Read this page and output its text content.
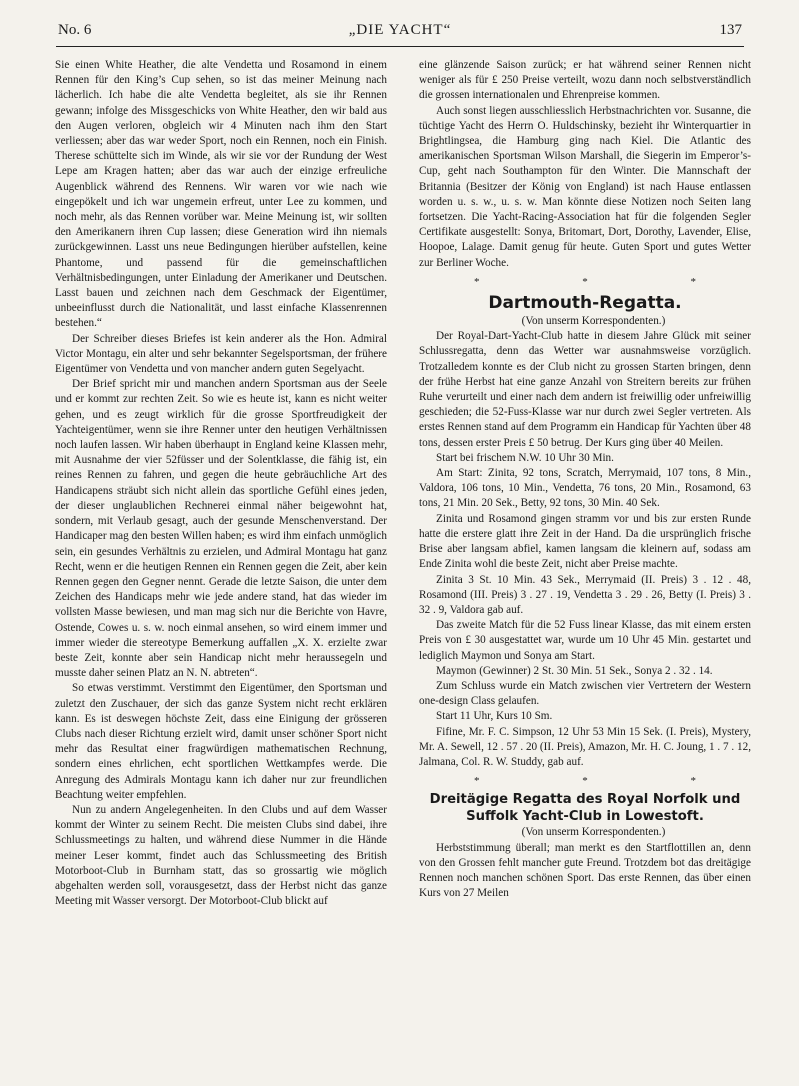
No. 6	„DIE YACHT“	137

Sie einen White Heather, die alte Vendetta und Rosamond in einem Rennen für den King’s Cup sehen, so ist das meiner Meinung nach lächerlich. Ich habe die alte Vendetta begleitet, als sie ihr Rennen gewann; infolge des Missgeschicks von White Heather, den wir bald aus den Augen verloren, obgleich wir 4 Minuten nach ihm den Start verliessen; aber das war weder Sport, noch ein Rennen, noch ein Finish. Therese schüttelte sich im Winde, als wir sie vor der Rundung der West Lepe am Kragen hatten; aber das war auch der einzige erfreuliche Augenblick während des Rennens. Wir waren vor wie nach wie eingepökelt und ich war ungemein erfreut, unter Lee zu kommen, und noch mehr, als das Rennen vorüber war. Meine Meinung ist, wir sollten den Amerikanern ihren Cup lassen; diese Generation wird ihn niemals zurückgewinnen. Lasst uns neue Bedingungen hierüber aufstellen, keine Phantome, und passend für die gemeinschaftlichen Verhältnisbedingungen, unter Einladung der Amerikaner und Deutschen. Lasst bauen und zeichnen nach dem Geschmack der Eigentümer, unbeeinflusst durch die Nationalität, und lasst einfache Klassenrennen bestehen.“

Der Schreiber dieses Briefes ist kein anderer als the Hon. Admiral Victor Montagu, ein alter und sehr bekannter Segelsportsman, der frühere Eigentümer von Vendetta und von mancher andern guten Segelyacht.

Der Brief spricht mir und manchen andern Sportsman aus der Seele und er kommt zur rechten Zeit. So wie es heute ist, kann es nicht weiter gehen, und es zeugt wirklich für die grosse Sportfreudigkeit der Yachteigentümer, wenn sie ihre Renner unter den heutigen Verhältnissen noch laufen lassen. Wir haben überhaupt in England keine Klassen mehr, mit Ausnahme der vier 52füsser und der Solentklasse, die fähig ist, ein reines Rennen zu fahren, und gegen die heute gebräuchliche Art des Handicapens sträubt sich nicht allein das sportliche Gefühl eines jeden, der dieser unglaublichen Rechnerei einmal näher beigewohnt hat, sondern, mit Verlaub gesagt, auch der gesunde Menschenverstand. Der Handicaper mag den besten Willen haben; es wird ihm einfach unmöglich sein, ein gesundes Verhältnis zu erzielen, und Admiral Montagu hat ganz Recht, wenn er die heutigen Rennen ein Rennen gegen die Zeit, aber kein Rennen gegen den Gegner nennt. Gerade die letzte Saison, die unter dem Zeichen des Handicaps mehr wie jede andere stand, hat das wieder im vollsten Masse bewiesen, und man mag sich nur die Berichte von Havre, Ostende, Cowes u. s. w. noch einmal ansehen, so wird einem immer und immer wieder die stereotype Bemerkung auffallen „X. X. erzielte zwar beste Zeit, konnte aber sein Handicap nicht mehr heraussegeln und musste daher seinen Platz an N. N. abtreten“.

So etwas verstimmt. Verstimmt den Eigentümer, den Sportsman und zuletzt den Zuschauer, der sich das ganze System nicht recht erklären kann. Es ist deswegen höchste Zeit, dass eine Einigung der grösseren Clubs nach dieser Richtung erzielt wird, damit unser schöner Sport nicht mehr das Resultat einer fragwürdigen mathematischen Rechnung, sondern eines ehrlichen, echt sportlichen Wettkampfes werde. Die Anregung des Admirals Montagu kann ich daher nur zur freundlichen Beachtung weiter empfehlen.

Nun zu andern Angelegenheiten. In den Clubs und auf dem Wasser kommt der Winter zu seinem Recht. Die meisten Clubs sind dabei, ihre Schlussmeetings zu halten, und während diese Nummer in die Hände meiner Leser kommt, findet auch das Schlussmeeting des British Motorboot-Club in Burnham statt, das so grossartig wie möglich abgehalten werden soll, vorausgesetzt, dass der Herbst nicht das ganze Meeting mit Wasser versorgt. Der Motorboot-Club blickt auf

eine glänzende Saison zurück; er hat während seiner Rennen nicht weniger als für £ 250 Preise verteilt, wozu dann noch selbstverständlich die grossen internationalen und Ehrenpreise kommen.

Auch sonst liegen ausschliesslich Herbstnachrichten vor. Susanne, die tüchtige Yacht des Herrn O. Huldschinsky, bezieht ihr Winterquartier in Brightlingsea, die Hamburg ging nach Kiel. Die Atlantic des amerikanischen Sportsman Wilson Marshall, die Siegerin im Emperor’s-Cup, geht nach Southampton für den Winter. Die Mannschaft der Britannia (Besitzer der König von England) ist nach Hause entlassen worden u. s. w., u. s. w. Man könnte diese Notizen noch Seiten lang fortsetzen. Die Yacht-Racing-Association hat für die folgenden Segler Certifikate ausgestellt: Sonya, Britomart, Dort, Dorothy, Lavender, Elise, Hoopoe, Lalage. Damit genug für heute. Guten Sport und gutes Wetter zur Berliner Woche.

* * *
Dartmouth-Regatta.

(Von unserm Korrespondenten.)

Der Royal-Dart-Yacht-Club hatte in diesem Jahre Glück mit seiner Schlussregatta, denn das Wetter war ausnahmsweise vorzüglich. Trotzalledem konnte es der Club nicht zu grossen Starten bringen, denn der frühe Herbst hat eine ganze Anzahl von Streitern bereits zur frühen Ruhe verurteilt und einer nach dem andern ist freiwillig oder unfreiwillig geschieden; die 52-Fuss-Klasse war nur durch zwei Segler vertreten. Als erstes Rennen stand auf dem Programm ein Handicap für Yachten über 48 tons, dessen erster Preis £ 50 betrug. Der Kurs ging über 40 Meilen.

Start bei frischem N.W. 10 Uhr 30 Min.

Am Start: Zinita, 92 tons, Scratch, Merrymaid, 107 tons, 8 Min., Valdora, 106 tons, 10 Min., Vendetta, 76 tons, 20 Min., Rosamond, 63 tons, 21 Min. 20 Sek., Betty, 92 tons, 30 Min. 40 Sek.

Zinita und Rosamond gingen stramm vor und bis zur ersten Runde hatte die erstere glatt ihre Zeit in der Hand. Da die ursprünglich frische Brise aber langsam abfiel, kamen langsam die kleinern auf, sodass am Ende Zinita wohl die beste Zeit, nicht aber Preise machte.

Zinita 3 St. 10 Min. 43 Sek., Merrymaid (II. Preis) 3 . 12 . 48, Rosamond (III. Preis) 3 . 27 . 19, Vendetta 3 . 29 . 26, Betty (I. Preis) 3 . 32 . 9, Valdora gab auf.

Das zweite Match für die 52 Fuss linear Klasse, das mit einem ersten Preis von £ 30 ausgestattet war, wurde um 10 Uhr 45 Min. gestartet und lediglich Maymon und Sonya am Start.

Maymon (Gewinner) 2 St. 30 Min. 51 Sek., Sonya 2 . 32 . 14.

Zum Schluss wurde ein Match zwischen vier Vertretern der Western one-design Class gelaufen.

Start 11 Uhr, Kurs 10 Sm.

Fifine, Mr. F. C. Simpson, 12 Uhr 53 Min 15 Sek. (I. Preis), Mystery, Mr. A. Sewell, 12 . 57 . 20 (II. Preis), Amazon, Mr. H. C. Joung, 1 . 7 . 12, Jalmana, Col. R. W. Studdy, gab auf.

* * *
Dreitägige Regatta des Royal Norfolk und
Suffolk Yacht-Club in Lowestoft.

(Von unserm Korrespondenten.)

Herbststimmung überall; man merkt es den Startflottillen an, denn von den Grossen fehlt mancher gute Freund. Trotzdem bot das dreitägige Rennen noch manchen schönen Sport. Das erste Rennen, das über einen Kurs von 27 Meilen
